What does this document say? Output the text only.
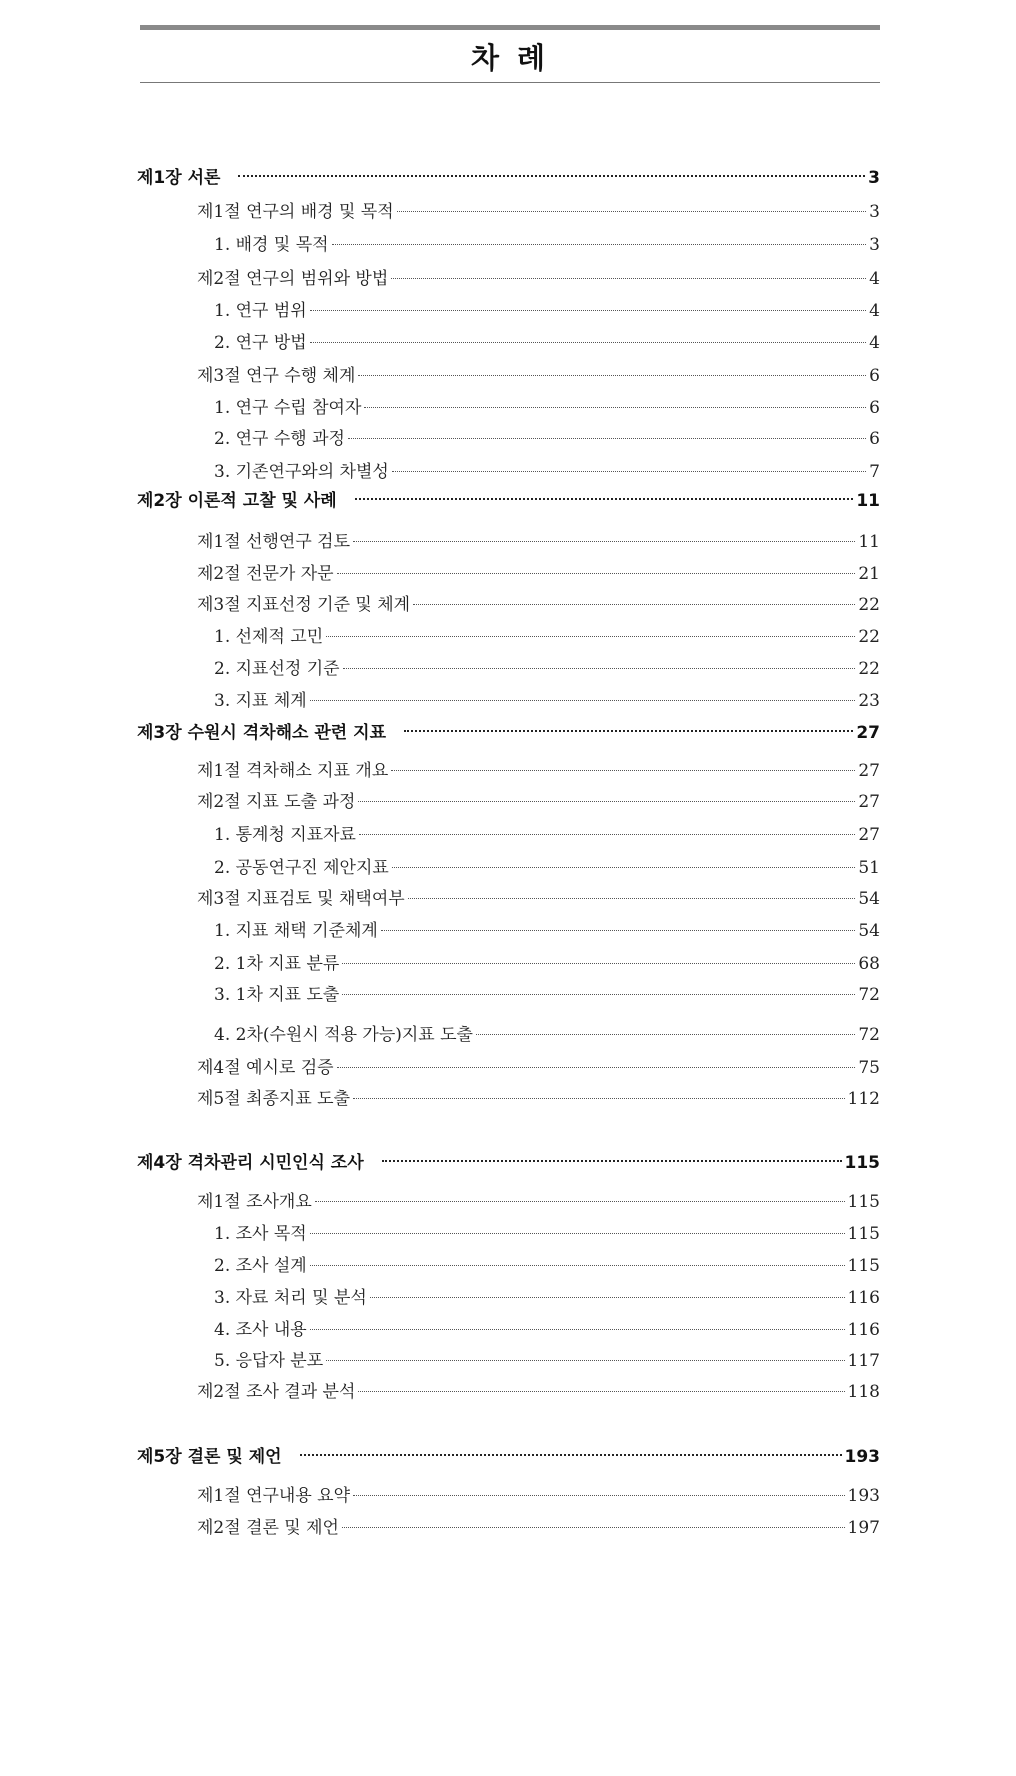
차 례
제1장 서론	3
제1절 연구의 배경 및 목적	3
1. 배경 및 목적	3
제2절 연구의 범위와 방법	4
1. 연구 범위	4
2. 연구 방법	4
제3절 연구 수행 체계	6
1. 연구 수립 참여자	6
2. 연구 수행 과정	6
3. 기존연구와의 차별성	7
제2장 이론적 고찰 및 사례	11
제1절 선행연구 검토	11
제2절 전문가 자문	21
제3절 지표선정 기준 및 체계	22
1. 선제적 고민	22
2. 지표선정 기준	22
3. 지표 체계	23
제3장 수원시 격차해소 관련 지표	27
제1절 격차해소 지표 개요	27
제2절 지표 도출 과정	27
1. 통계청 지표자료	27
2. 공동연구진 제안지표	51
제3절 지표검토 및 채택여부	54
1. 지표 채택 기준체계	54
2. 1차 지표 분류	68
3. 1차 지표 도출	72
4. 2차(수원시 적용 가능)지표 도출	72
제4절 예시로 검증	75
제5절 최종지표 도출	112
제4장 격차관리 시민인식 조사	115
제1절 조사개요	115
1. 조사 목적	115
2. 조사 설계	115
3. 자료 처리 및 분석	116
4. 조사 내용	116
5. 응답자 분포	117
제2절 조사 결과 분석	118
제5장 결론 및 제언	193
제1절 연구내용 요약	193
제2절 결론 및 제언	197
